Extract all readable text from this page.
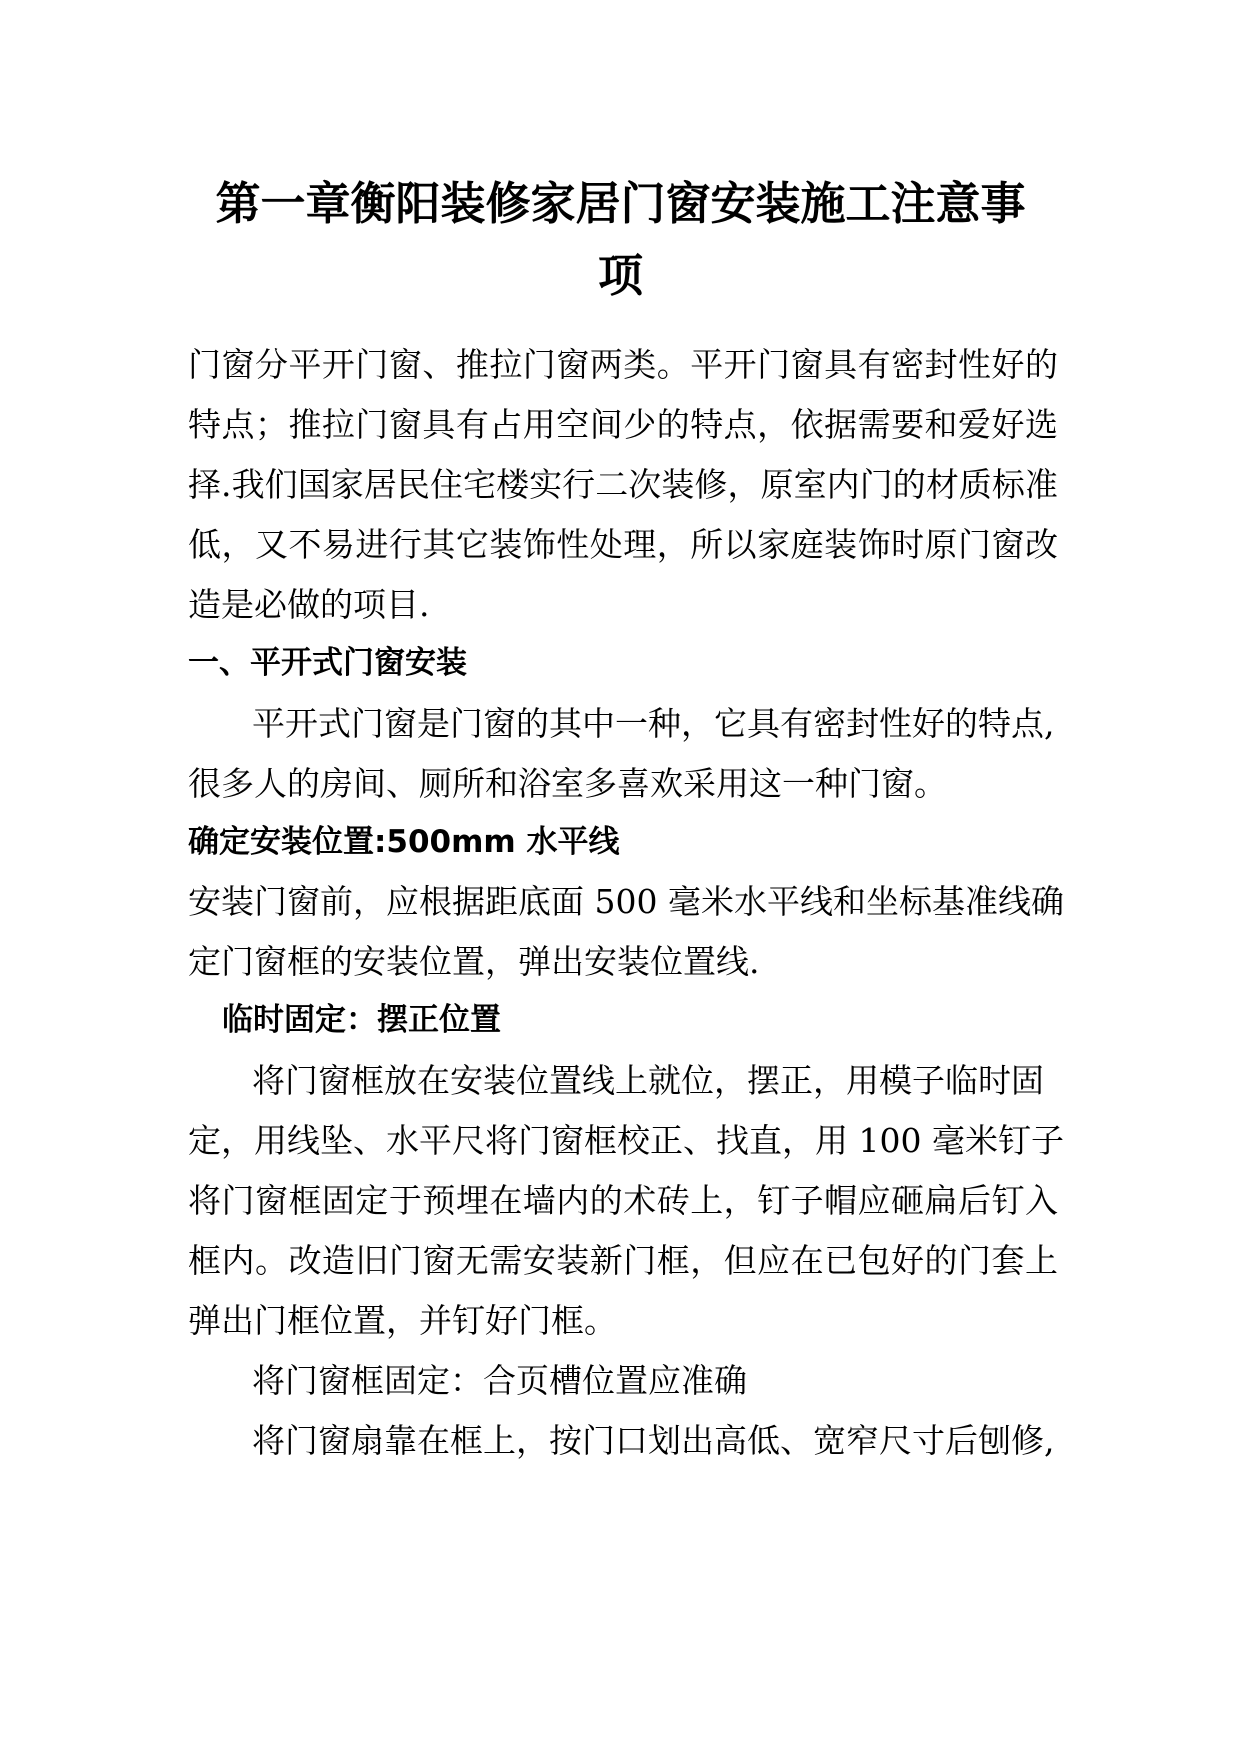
第一章衡阳装修家居门窗安装施工注意事
项
门窗分平开门窗、推拉门窗两类。平开门窗具有密封性好的
特点；推拉门窗具有占用空间少的特点，依据需要和爱好选
择.我们国家居民住宅楼实行二次装修，原室内门的材质标准
低，又不易进行其它装饰性处理，所以家庭装饰时原门窗改
造是必做的项目.
一、平开式门窗安装
平开式门窗是门窗的其中一种，它具有密封性好的特点,
很多人的房间、厕所和浴室多喜欢采用这一种门窗。
确定安装位置:500mm 水平线
安装门窗前，应根据距底面 500 毫米水平线和坐标基准线确
定门窗框的安装位置，弹出安装位置线.
临时固定：摆正位置
将门窗框放在安装位置线上就位，摆正，用模子临时固
定，用线坠、水平尺将门窗框校正、找直，用 100 毫米钉子
将门窗框固定于预埋在墙内的术砖上，钉子帽应砸扁后钉入
框内。改造旧门窗无需安装新门框，但应在已包好的门套上
弹出门框位置，并钉好门框。
将门窗框固定：合页槽位置应准确
将门窗扇靠在框上，按门口划出高低、宽窄尺寸后刨修,
